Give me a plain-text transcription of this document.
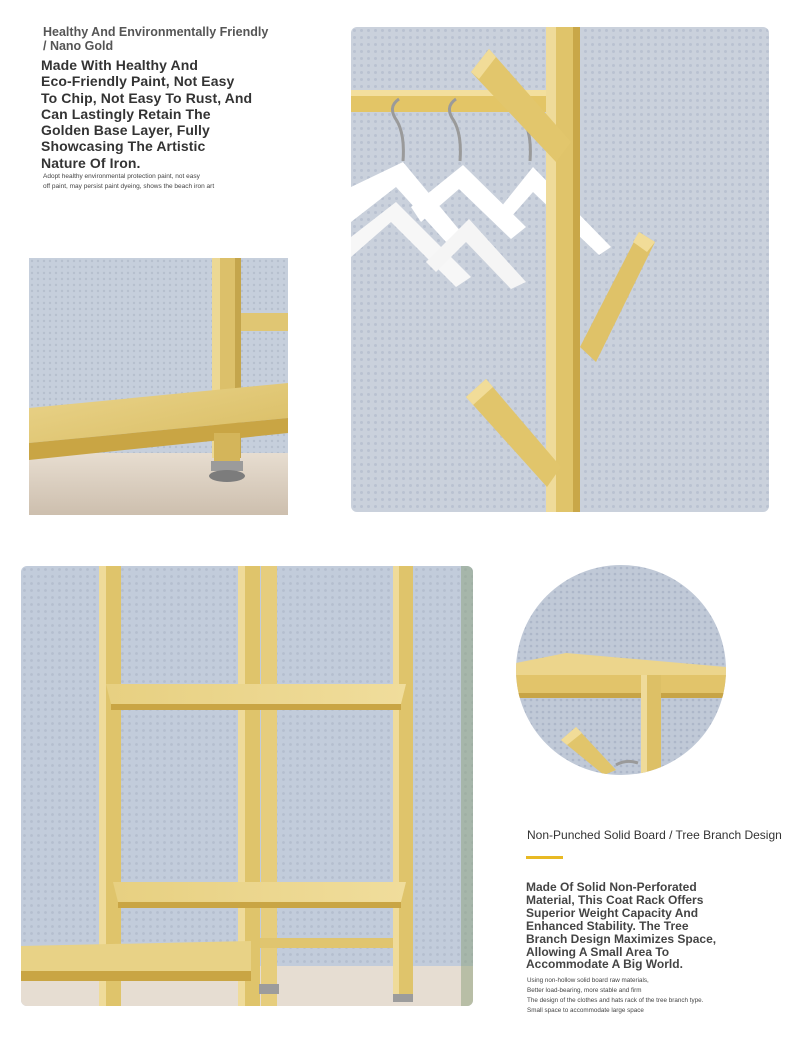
Healthy And Environmentally Friendly
/ Nano Gold
Made With Healthy And
Eco-Friendly Paint, Not Easy
To Chip, Not Easy To Rust, And
Can Lastingly Retain The
Golden Base Layer, Fully
Showcasing The Artistic
Nature Of Iron.
Adopt healthy environmental protection paint, not easy
off paint, may persist paint dyeing, shows the beach iron art
Non-Punched Solid Board / Tree Branch Design
Made Of Solid Non-Perforated
Material, This Coat Rack Offers
Superior Weight Capacity And
Enhanced Stability. The Tree
Branch Design Maximizes Space,
Allowing A Small Area To
Accommodate A Big World.
Using non-hollow solid board raw materials,
Better load-bearing, more stable and firm
The design of the clothes and hats rack of the tree branch type.
Small space to accommodate large space
